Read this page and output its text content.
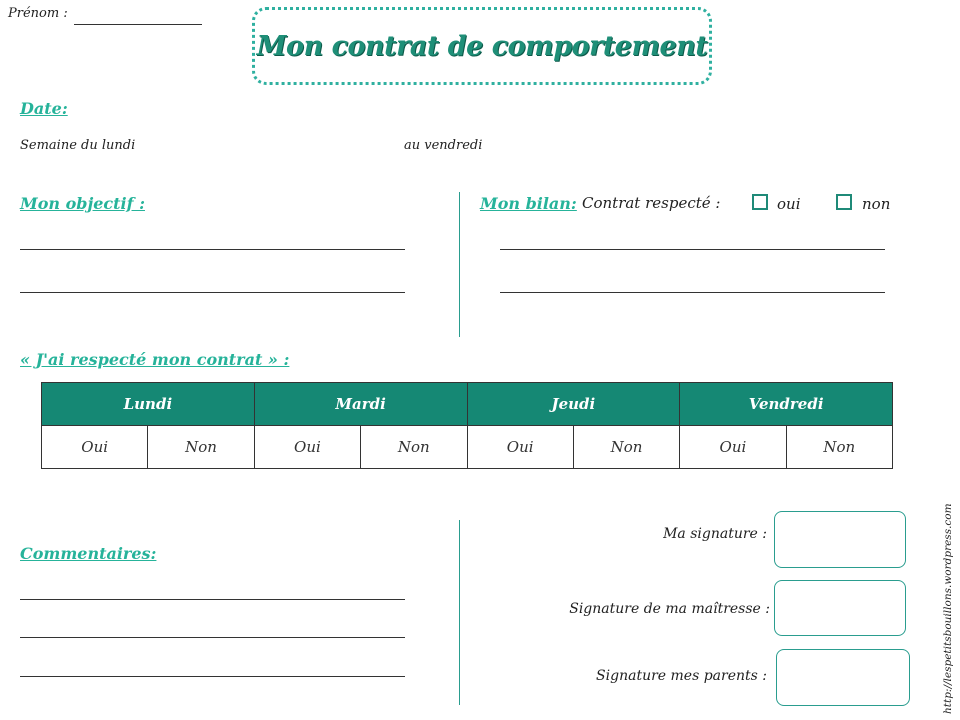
Prénom :
Mon contrat de comportement
Date:
Semaine du lundi	au vendredi
Mon objectif :	Mon bilan: Contrat respecté :	oui	non
« J'ai respecté mon contrat » :
Lundi		Mardi		Jeudi		Vendredi	
Oui	Non	Oui	Non	Oui	Non	Oui	Non
Commentaires:
Ma signature :
Signature de ma maîtresse :
Signature mes parents :	http://lespetitsbouillons.wordpress.com
